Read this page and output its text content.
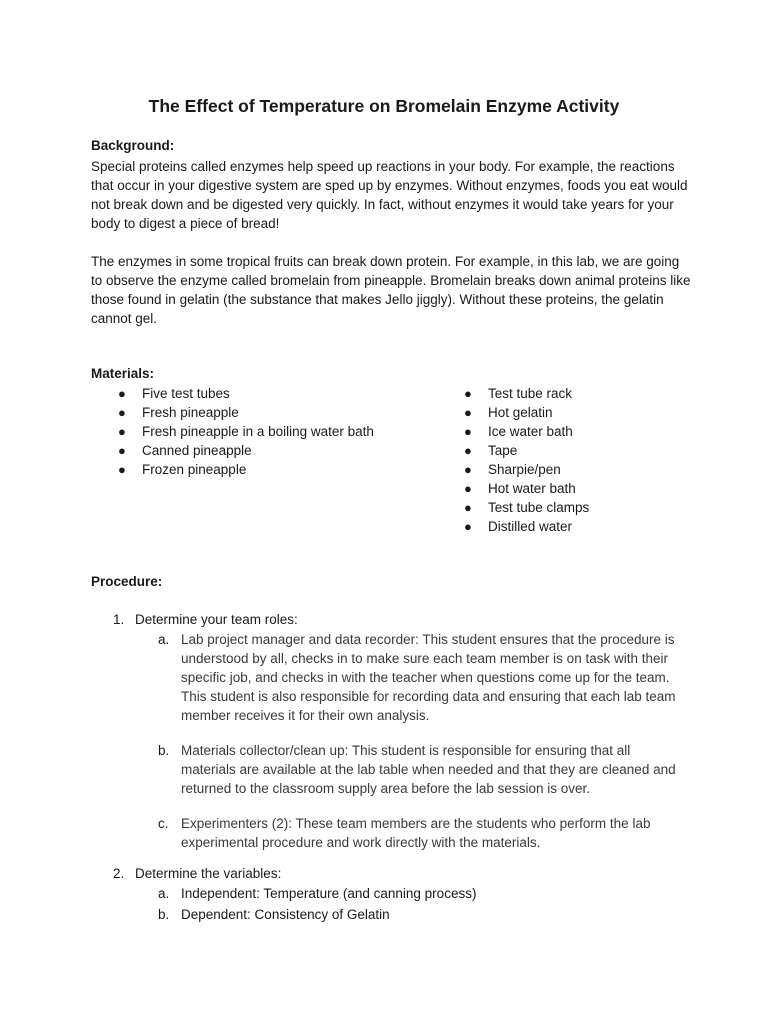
The Effect of Temperature on Bromelain Enzyme Activity
Background:

Special proteins called enzymes help speed up reactions in your body. For example, the reactions that occur in your digestive system are sped up by enzymes. Without enzymes, foods you eat would not break down and be digested very quickly. In fact, without enzymes it would take years for your body to digest a piece of bread!

The enzymes in some tropical fruits can break down protein. For example, in this lab, we are going to observe the enzyme called bromelain from pineapple. Bromelain breaks down animal proteins like those found in gelatin (the substance that makes Jello jiggly). Without these proteins, the gelatin cannot gel.

Materials:
● Five test tubes
● Fresh pineapple
● Fresh pineapple in a boiling water bath
● Canned pineapple
● Frozen pineapple
● Test tube rack
● Hot gelatin
● Ice water bath
● Tape
● Sharpie/pen
● Hot water bath
● Test tube clamps
● Distilled water
Procedure:
1. Determine your team roles:
a. Lab project manager and data recorder: This student ensures that the procedure is understood by all, checks in to make sure each team member is on task with their specific job, and checks in with the teacher when questions come up for the team. This student is also responsible for recording data and ensuring that each lab team member receives it for their own analysis.
b. Materials collector/clean up: This student is responsible for ensuring that all materials are available at the lab table when needed and that they are cleaned and returned to the classroom supply area before the lab session is over.
c. Experimenters (2): These team members are the students who perform the lab experimental procedure and work directly with the materials.
2. Determine the variables:
a. Independent: Temperature (and canning process)
b. Dependent: Consistency of Gelatin
